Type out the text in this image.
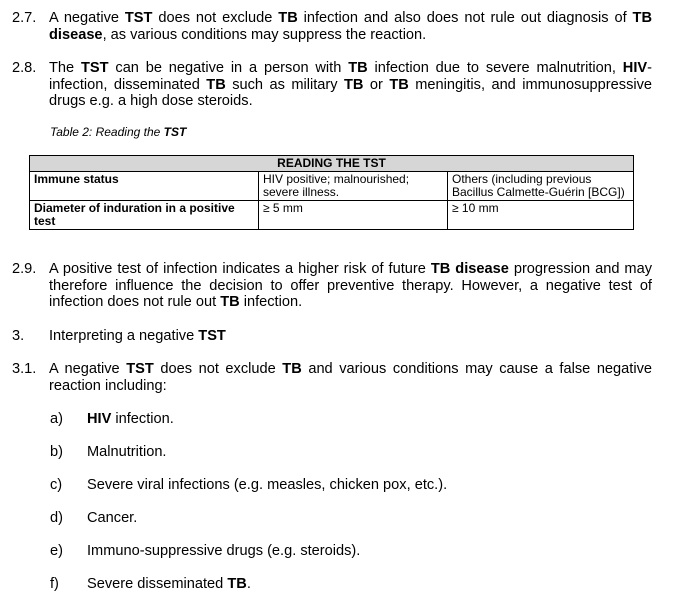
2.7. A negative TST does not exclude TB infection and also does not rule out diagnosis of TB disease, as various conditions may suppress the reaction.
2.8. The TST can be negative in a person with TB infection due to severe malnutrition, HIV-infection, disseminated TB such as military TB or TB meningitis, and immunosuppressive drugs e.g. a high dose steroids.
Table 2: Reading the TST
READING THE TST		
Immune status	HIV positive; malnourished; severe illness.	Others (including previous Bacillus Calmette-Guérin [BCG])
Diameter of induration in a positive test	≥ 5 mm	≥ 10 mm
2.9. A positive test of infection indicates a higher risk of future TB disease progression and may therefore influence the decision to offer preventive therapy. However, a negative test of infection does not rule out TB infection.
3. Interpreting a negative TST
3.1. A negative TST does not exclude TB and various conditions may cause a false negative reaction including:
a) HIV infection.
b) Malnutrition.
c) Severe viral infections (e.g. measles, chicken pox, etc.).
d) Cancer.
e) Immuno-suppressive drugs (e.g. steroids).
f) Severe disseminated TB.
